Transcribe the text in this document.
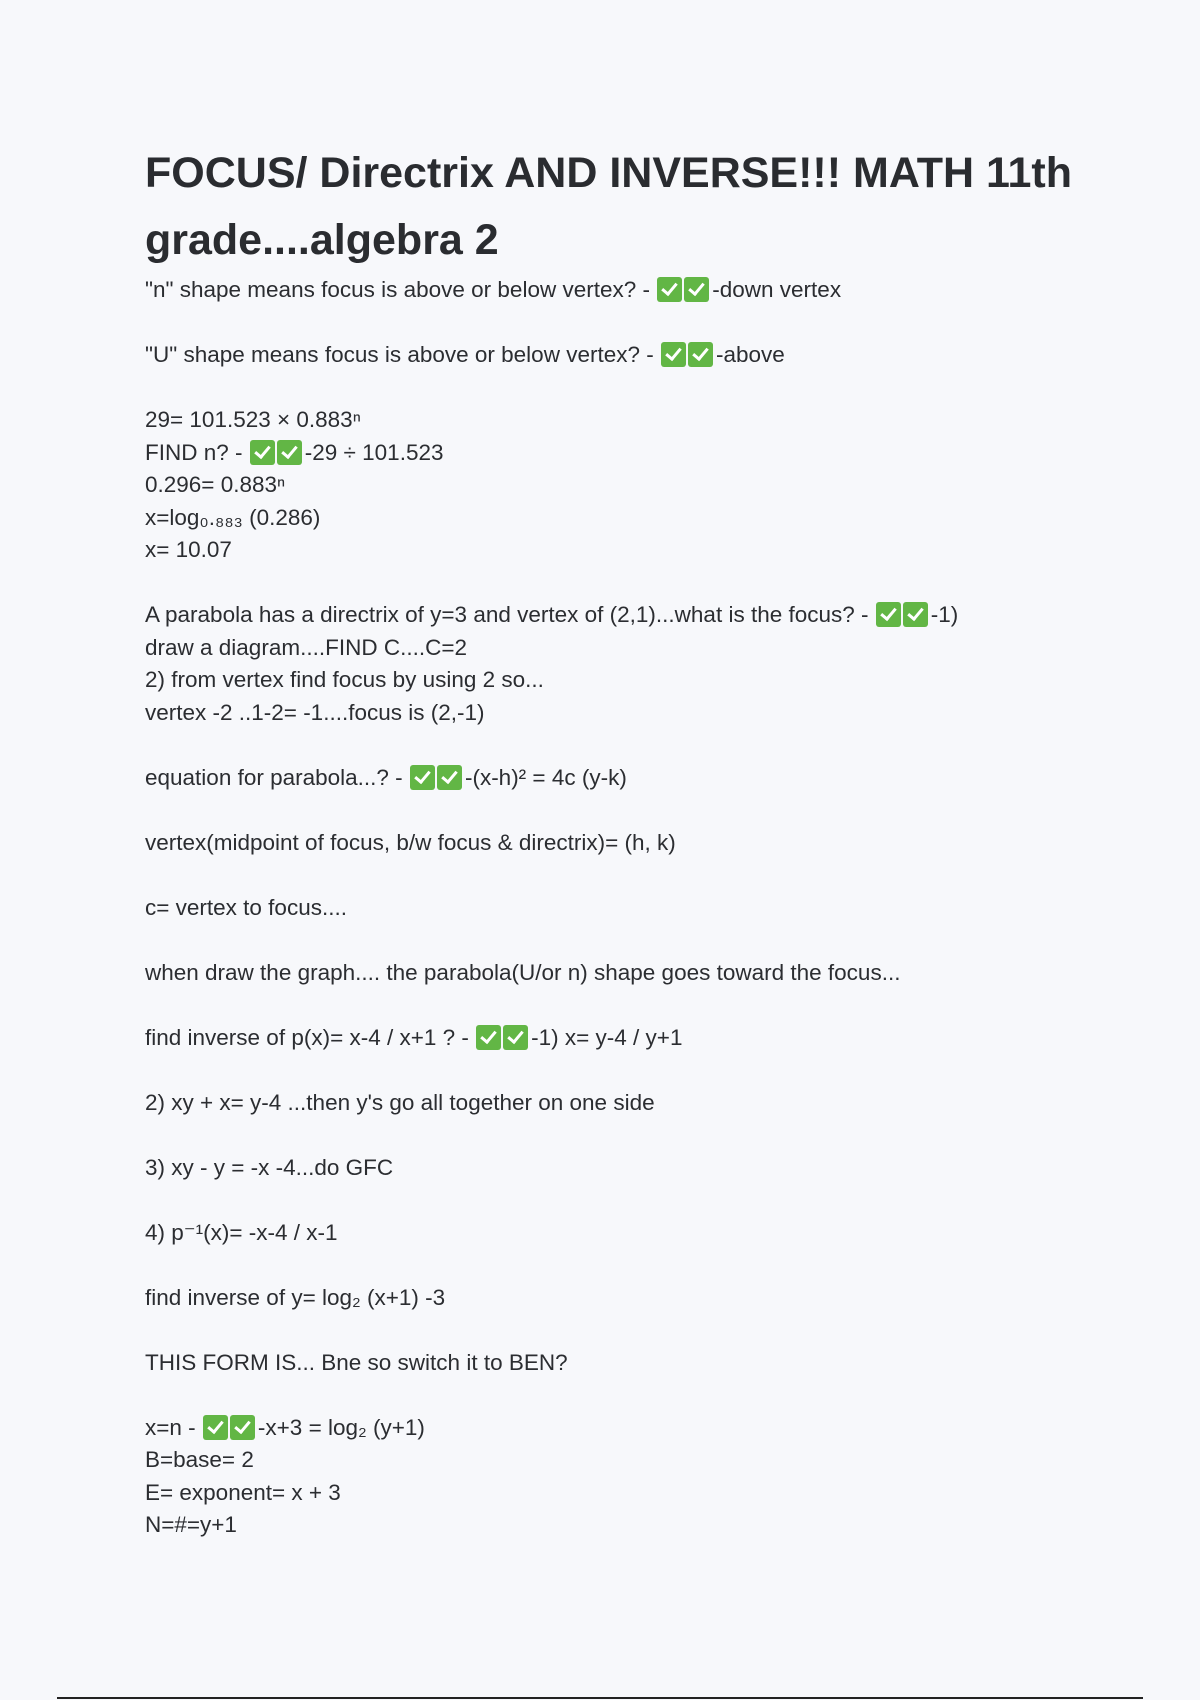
FOCUS/ Directrix AND INVERSE!!! MATH 11th grade....algebra 2
"n" shape means focus is above or below vertex? -	-down vertex
"U" shape means focus is above or below vertex? -	-above
29= 101.523 × 0.883ⁿ
FIND n? -	-29 ÷ 101.523
0.296= 0.883ⁿ
x=log₀.₈₈₃ (0.286)
x= 10.07
A parabola has a directrix of y=3 and vertex of (2,1)...what is the focus? -	-1)
draw a diagram....FIND C....C=2
2) from vertex find focus by using 2 so...
vertex -2 ..1-2= -1....focus is (2,-1)
equation for parabola...? -	-(x-h)² = 4c (y-k)
vertex(midpoint of focus, b/w focus & directrix)= (h, k)
c= vertex to focus....
when draw the graph.... the parabola(U/or n) shape goes toward the focus...
find inverse of p(x)= x-4 / x+1 ? -	-1) x= y-4 / y+1
2) xy + x= y-4 ...then y's go all together on one side
3) xy - y = -x -4...do GFC
4) p⁻¹(x)= -x-4 / x-1
find inverse of y= log₂ (x+1) -3
THIS FORM IS... Bne so switch it to BEN?
x=n -	-x+3 = log₂ (y+1)
B=base= 2
E= exponent= x + 3
N=#=y+1
